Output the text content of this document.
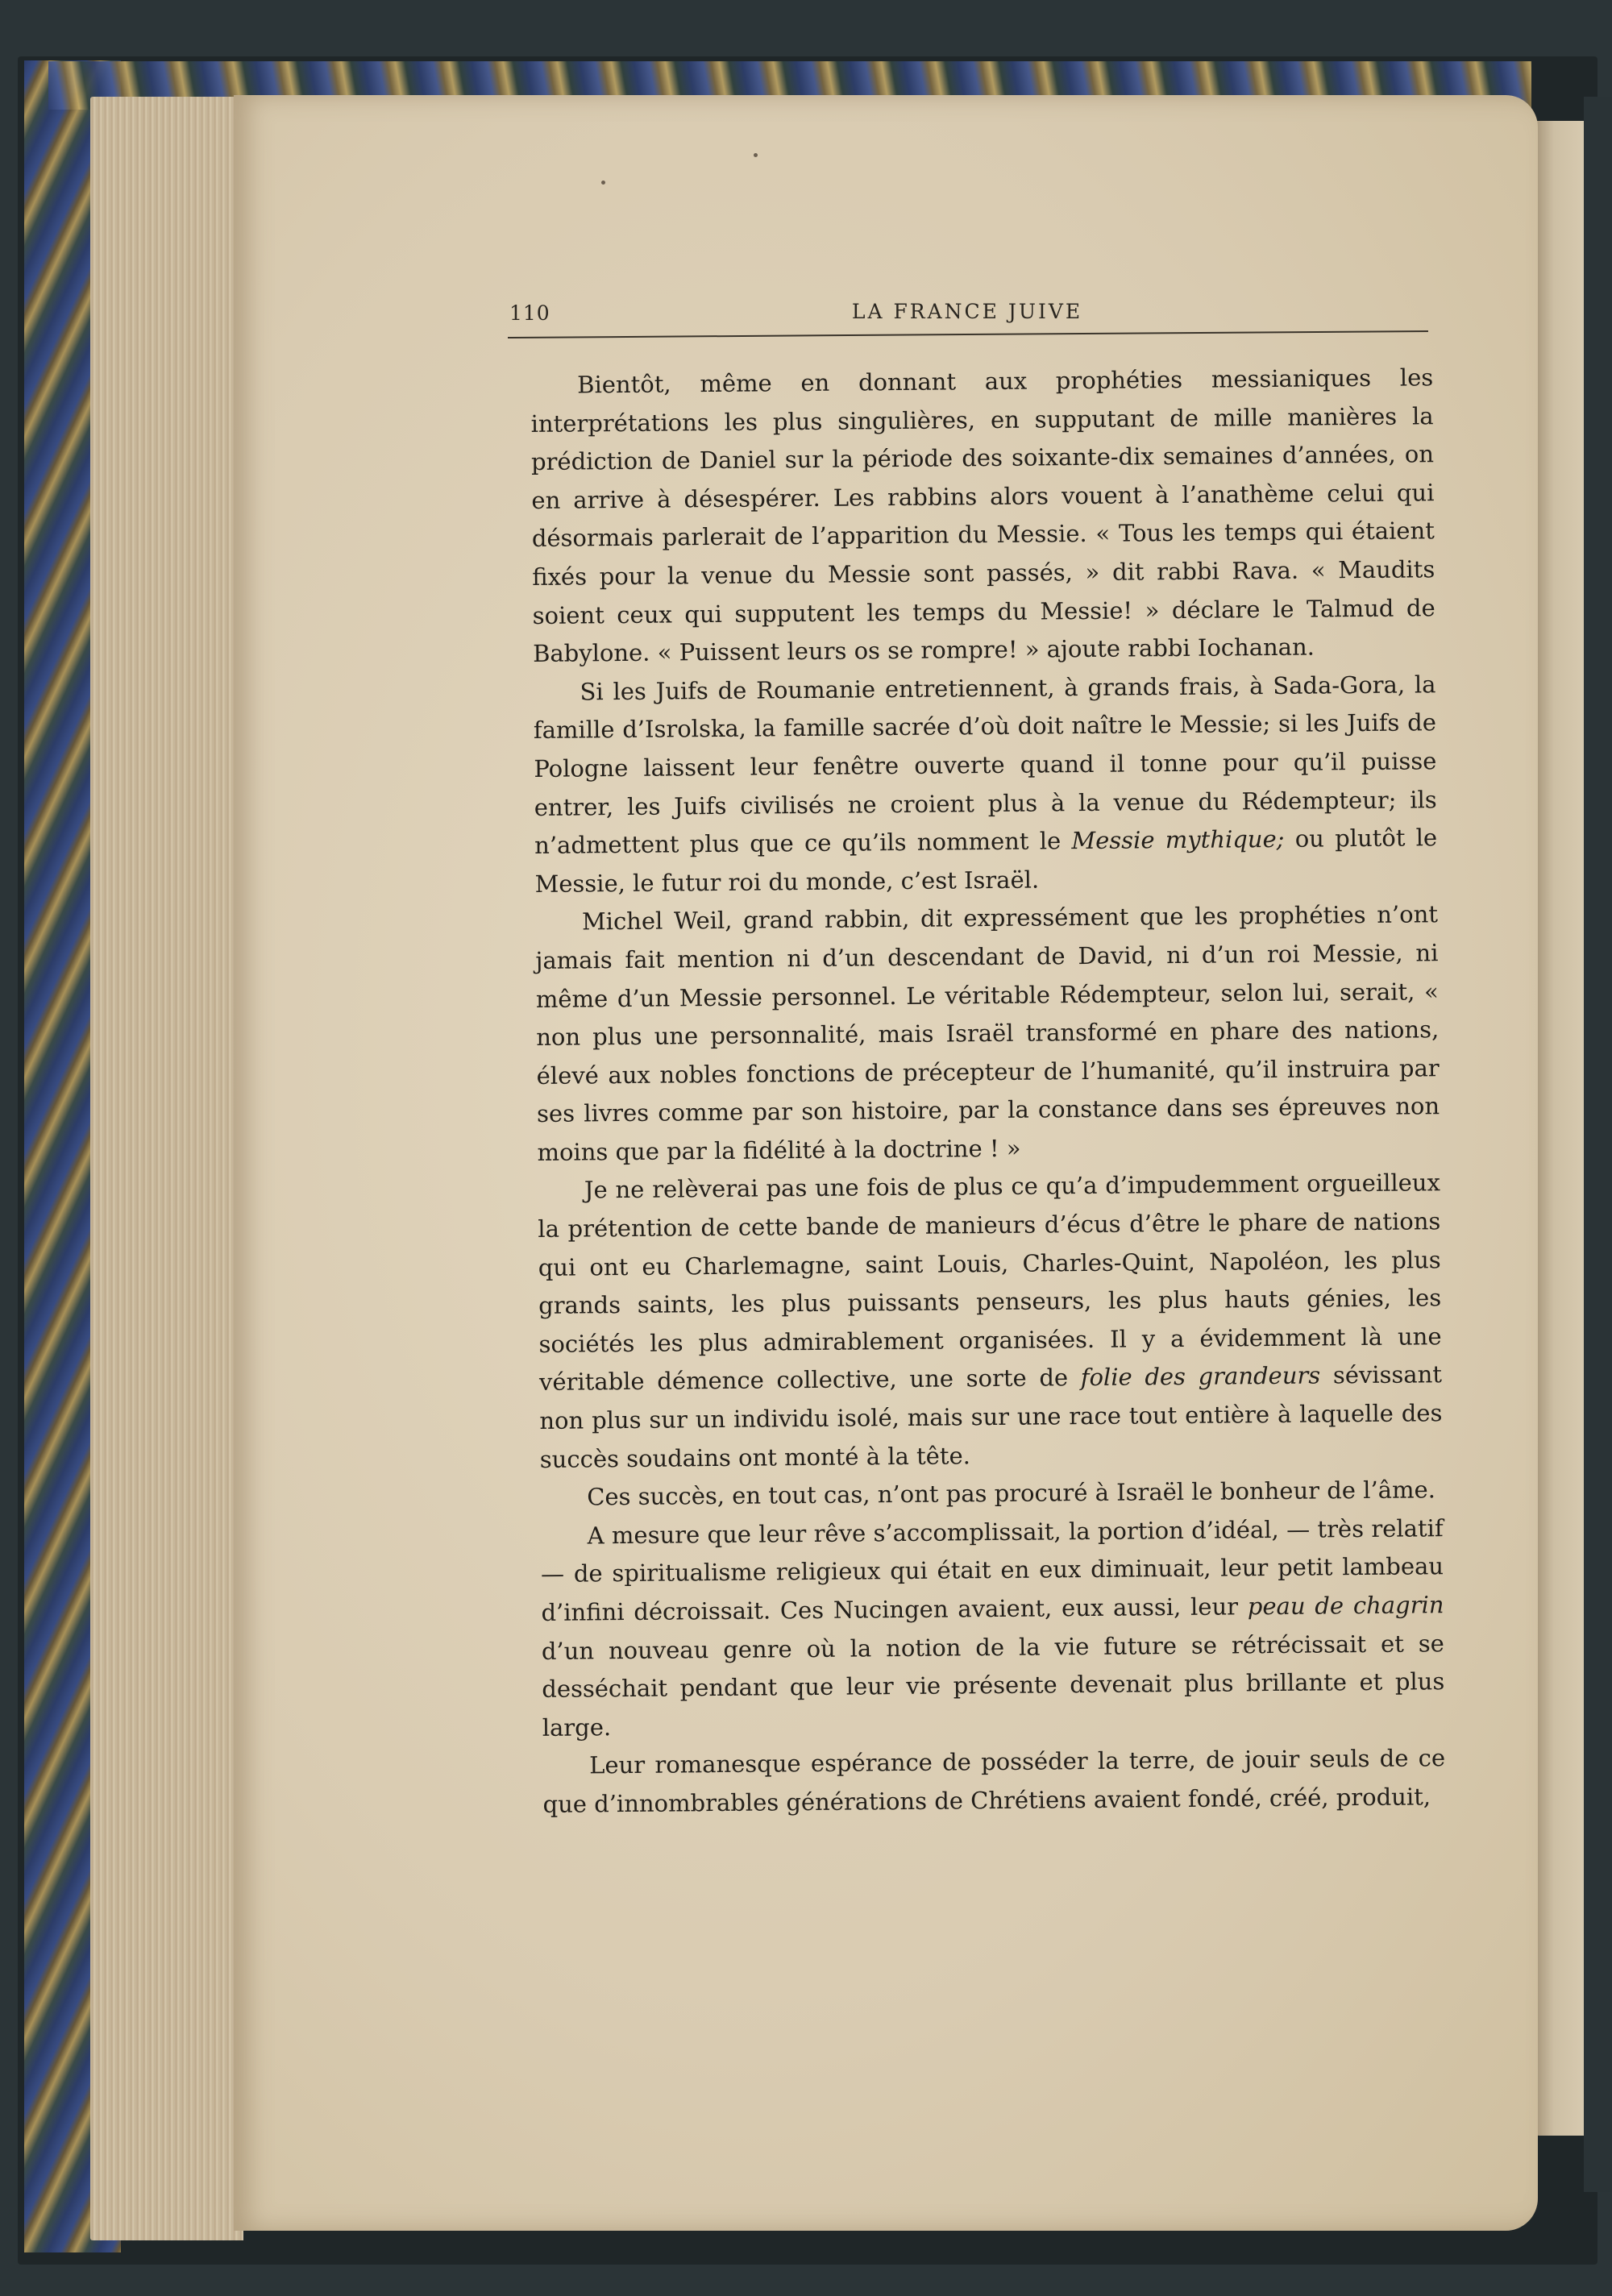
110	LA FRANCE JUIVE

Bientôt, même en donnant aux prophéties messianiques les interprétations les plus singulières, en supputant de mille manières la prédiction de Daniel sur la période des soixante-dix semaines d’années, on en arrive à désespérer. Les rabbins alors vouent à l’anathème celui qui désormais parlerait de l’apparition du Messie. « Tous les temps qui étaient fixés pour la venue du Messie sont passés, » dit rabbi Rava. « Maudits soient ceux qui supputent les temps du Messie! » déclare le Talmud de Babylone. « Puissent leurs os se rompre! » ajoute rabbi Iochanan.

Si les Juifs de Roumanie entretiennent, à grands frais, à Sada-Gora, la famille d’Isrolska, la famille sacrée d’où doit naître le Messie; si les Juifs de Pologne laissent leur fenêtre ouverte quand il tonne pour qu’il puisse entrer, les Juifs civilisés ne croient plus à la venue du Rédempteur; ils n’admettent plus que ce qu’ils nomment le Messie mythique; ou plutôt le Messie, le futur roi du monde, c’est Israël.

Michel Weil, grand rabbin, dit expressément que les prophéties n’ont jamais fait mention ni d’un descendant de David, ni d’un roi Messie, ni même d’un Messie personnel. Le véritable Rédempteur, selon lui, serait, « non plus une personnalité, mais Israël transformé en phare des nations, élevé aux nobles fonctions de précepteur de l’humanité, qu’il instruira par ses livres comme par son histoire, par la constance dans ses épreuves non moins que par la fidélité à la doctrine ! »

Je ne relèverai pas une fois de plus ce qu’a d’impudemment orgueilleux la prétention de cette bande de manieurs d’écus d’être le phare de nations qui ont eu Charlemagne, saint Louis, Charles-Quint, Napoléon, les plus grands saints, les plus puissants penseurs, les plus hauts génies, les sociétés les plus admirablement organisées. Il y a évidemment là une véritable démence collective, une sorte de folie des grandeurs sévissant non plus sur un individu isolé, mais sur une race tout entière à laquelle des succès soudains ont monté à la tête.

Ces succès, en tout cas, n’ont pas procuré à Israël le bonheur de l’âme.

A mesure que leur rêve s’accomplissait, la portion d’idéal, — très relatif — de spiritualisme religieux qui était en eux diminuait, leur petit lambeau d’infini décroissait. Ces Nucingen avaient, eux aussi, leur peau de chagrin d’un nouveau genre où la notion de la vie future se rétrécissait et se desséchait pendant que leur vie présente devenait plus brillante et plus large.

Leur romanesque espérance de posséder la terre, de jouir seuls de ce que d’innombrables générations de Chrétiens avaient fondé, créé, produit,
